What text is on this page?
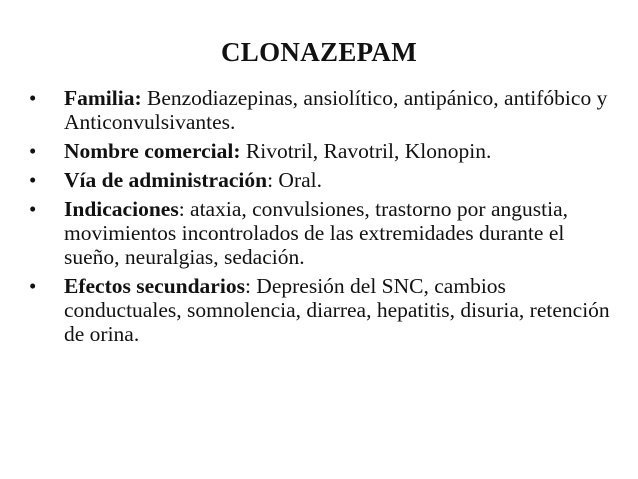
CLONAZEPAM
• Familia: Benzodiazepinas, ansiolítico, antipánico, antifóbico y Anticonvulsivantes.
• Nombre comercial: Rivotril, Ravotril, Klonopin.
• Vía de administración: Oral.
• Indicaciones: ataxia, convulsiones, trastorno por angustia, movimientos incontrolados de las extremidades durante el sueño, neuralgias, sedación.
• Efectos secundarios: Depresión del SNC, cambios conductuales, somnolencia, diarrea, hepatitis, disuria, retención de orina.
